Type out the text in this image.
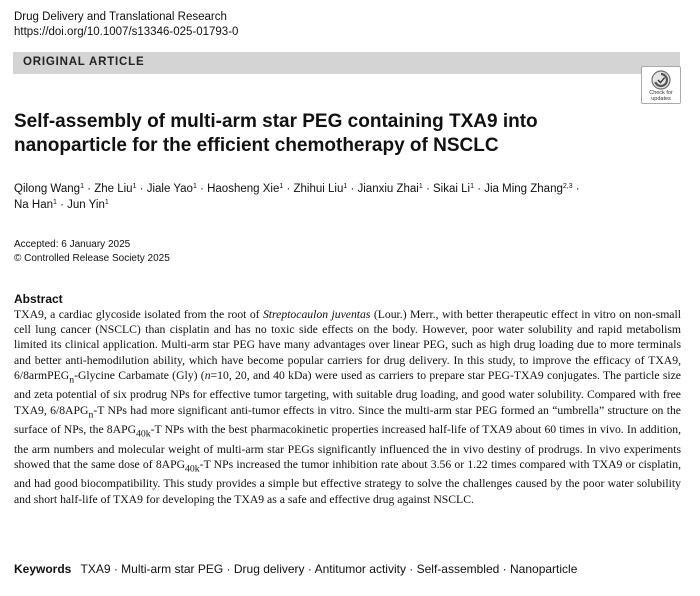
Drug Delivery and Translational Research
https://doi.org/10.1007/s13346-025-01793-0
ORIGINAL ARTICLE
Check for
updates
Self-assembly of multi-arm star PEG containing TXA9 into nanoparticle for the efficient chemotherapy of NSCLC
Qilong Wang$^1$ · Zhe Liu$^1$ · Jiale Yao$^1$ · Haosheng Xie$^1$ · Zhihui Liu$^1$ · Jianxiu Zhai$^1$ · Sikai $Li^1$ · Jia Ming Zhang$^{2,3}$ ·
Na Han$^1$ · Jun Yin$^1$
Accepted: 6 January 2025
© Controlled Release Society 2025
Abstract

TXA9, a cardiac glycoside isolated from the root of Streptocaulon juventas (Lour.) Merr., with better therapeutic effect in vitro on non-small cell lung cancer (NSCLC) than cisplatin and has no toxic side effects on the body. However, poor water solubility and rapid metabolism limited its clinical application. Multi-arm star PEG have many advantages over linear PEG, such as high drug loading due to more terminals and better anti-hemodilution ability, which have become popular carriers for drug delivery. In this study, to improve the efficacy of TXA9, 6/8armPEG$_n$-Glycine Carbamate (Gly) (n=10, 20, and 40 kDa) were used as carriers to prepare star PEG-TXA9 conjugates. The particle size and zeta potential of six prodrug NPs for effective tumor targeting, with suitable drug loading, and good water solubility. Compared with free TXA9, $6/8APG_n-T$ NPs had more significant anti-tumor effects in vitro. Since the multi-arm star PEG formed an “umbrella” structure on the surface of NPs, the $8APG_{40k}-T$ NPs with the best pharmacokinetic properties increased half-life of TXA9 about 60 times in vivo. In addition, the arm numbers and molecular weight of multi-arm star PEGs significantly influenced the in vivo destiny of prodrugs. In vivo experiments showed that the same dose of $8APG_{40k}-T$ NPs increased the tumor inhibition rate about 3.56 or 1.22 times compared with TXA9 or cisplatin, and had good biocompatibility. This study provides a simple but effective strategy to solve the challenges caused by the poor water solubility and short half-life of TXA9 for developing the TXA9 as a safe and effective drug against NSCLC.

Keywords TXA9 · Multi-arm star PEG · Drug delivery · Antitumor activity · Self-assembled · Nanoparticle
